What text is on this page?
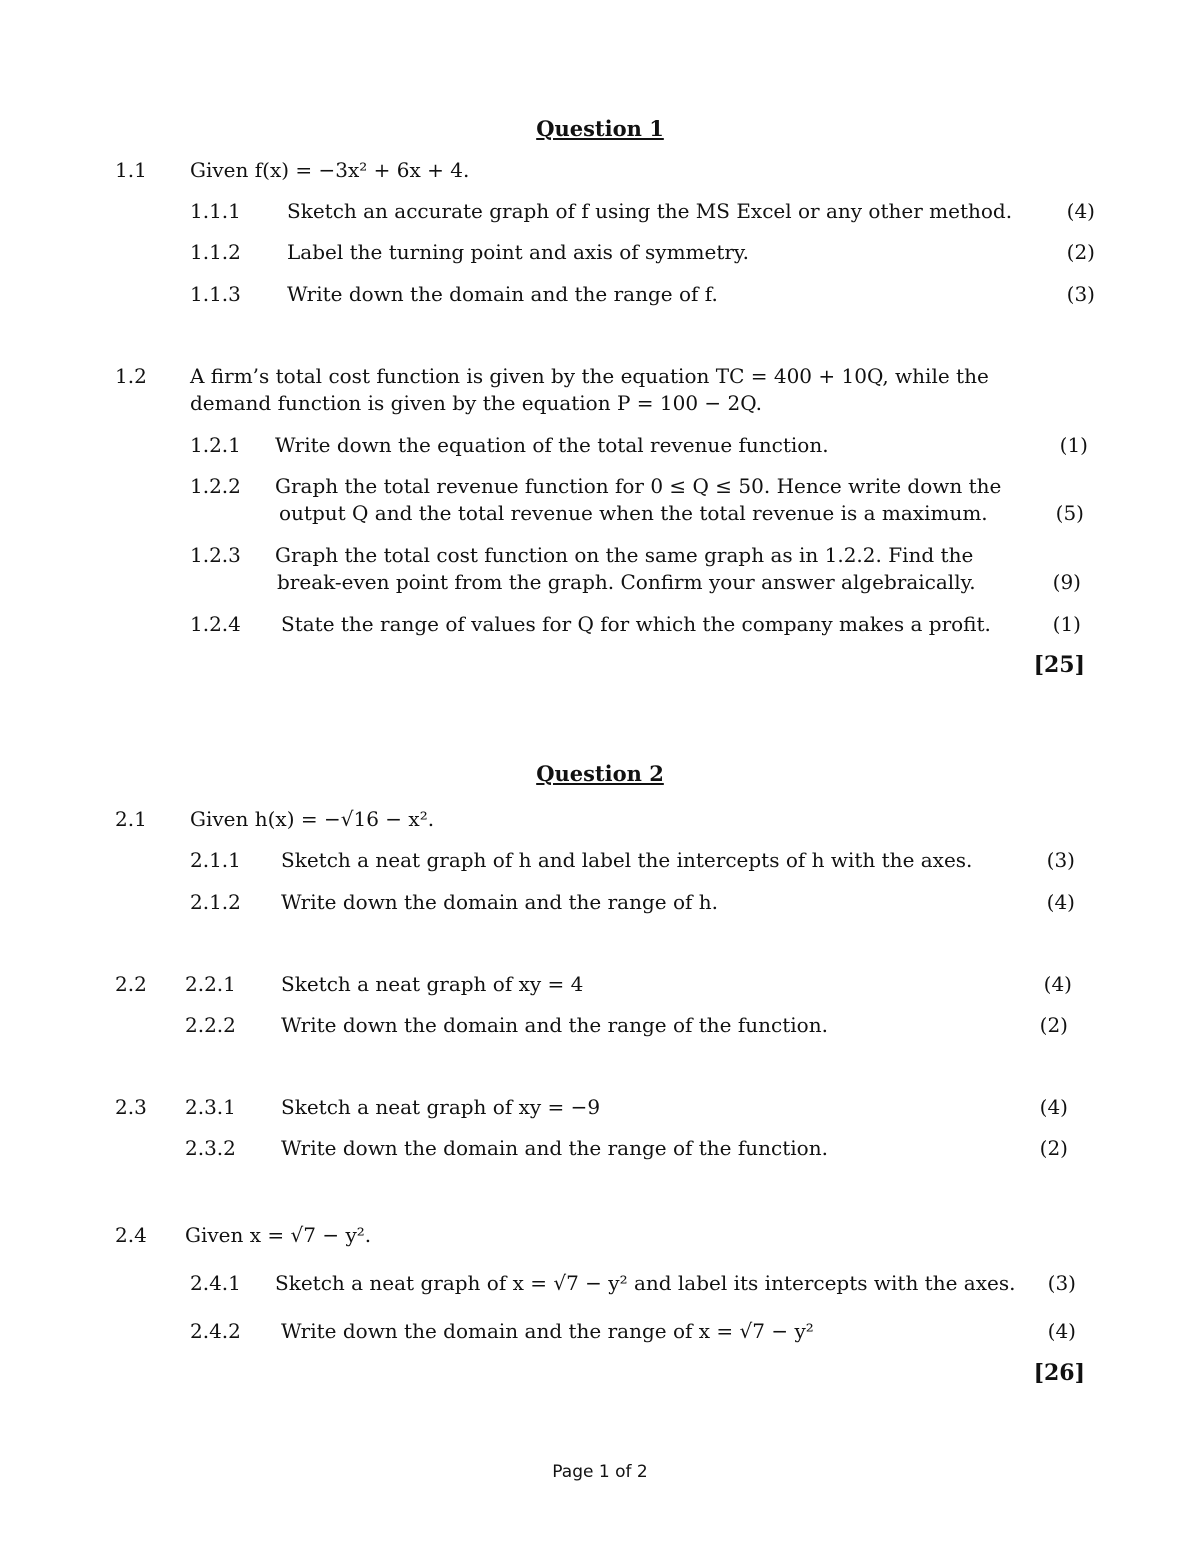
Question 1
1.1 Given f(x) = −3x² + 6x + 4.
1.1.1 Sketch an accurate graph of f using the MS Excel or any other method.	(4)
1.1.2 Label the turning point and axis of symmetry.	(2)
1.1.3 Write down the domain and the range of f.	(3)
1.2 A firm’s total cost function is given by the equation TC = 400 + 10Q, while the
demand function is given by the equation P = 100 − 2Q.
1.2.1 Write down the equation of the total revenue function.	(1)
1.2.2 Graph the total revenue function for 0 ≤ Q ≤ 50. Hence write down the
output Q and the total revenue when the total revenue is a maximum.	(5)
1.2.3 Graph the total cost function on the same graph as in 1.2.2. Find the
break-even point from the graph. Confirm your answer algebraically.	(9)
1.2.4 State the range of values for Q for which the company makes a profit.	(1)
[25]
Question 2
2.1 Given h(x) = −√16 − x².
2.1.1 Sketch a neat graph of h and label the intercepts of h with the axes.	(3)
2.1.2 Write down the domain and the range of h.	(4)
2.2 2.2.1 Sketch a neat graph of xy = 4	(4)
2.2.2 Write down the domain and the range of the function.	(2)
2.3 2.3.1 Sketch a neat graph of xy = −9	(4)
2.3.2 Write down the domain and the range of the function.	(2)
2.4 Given x = √7 − y².
2.4.1 Sketch a neat graph of x = √7 − y² and label its intercepts with the axes.	(3)
2.4.2 Write down the domain and the range of x = √7 − y²	(4)
[26]
Page 1 of 2
